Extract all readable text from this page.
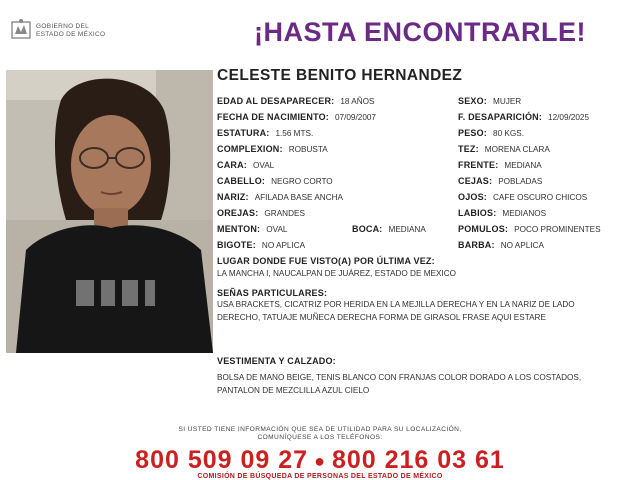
GOBIERNO DEL
ESTADO DE MÉXICO	¡HASTA ENCONTRARLE!
CELESTE BENITO HERNANDEZ
EDAD AL DESAPARECER: 18 AÑOS
FECHA DE NACIMIENTO: 07/09/2007
ESTATURA: 1.56 MTS.
COMPLEXION: ROBUSTA
CARA: OVAL
CABELLO: NEGRO CORTO
NARIZ: AFILADA BASE ANCHA
OREJAS: GRANDES
MENTON: OVAL	BOCA: MEDIANA
BIGOTE: NO APLICA
SEXO: MUJER
F. DESAPARICIÓN: 12/09/2025
PESO: 80 KGS.
TEZ: MORENA CLARA
FRENTE: MEDIANA
CEJAS: POBLADAS
OJOS: CAFE OSCURO CHICOS
LABIOS: MEDIANOS
POMULOS: POCO PROMINENTES
BARBA: NO APLICA
LUGAR DONDE FUE VISTO(A) POR ÚLTIMA VEZ:
LA MANCHA I, NAUCALPAN DE JUÁREZ, ESTADO DE MEXICO
SEÑAS PARTICULARES:
USA BRACKETS, CICATRIZ POR HERIDA EN LA MEJILLA DERECHA Y EN LA NARIZ DE LADO DERECHO, TATUAJE MUÑECA DERECHA FORMA DE GIRASOL FRASE AQUI ESTARE
VESTIMENTA Y CALZADO:
BOLSA DE MANO BEIGE, TENIS BLANCO CON FRANJAS COLOR DORADO A LOS COSTADOS, PANTALON DE MEZCLILLA AZUL CIELO
SI USTED TIENE INFORMACIÓN QUE SEA DE UTILIDAD PARA SU LOCALIZACIÓN,
COMUNÍQUESE A LOS TELÉFONOS:
800 509 09 27 ● 800 216 03 61
COMISIÓN DE BÚSQUEDA DE PERSONAS DEL ESTADO DE MÉXICO
